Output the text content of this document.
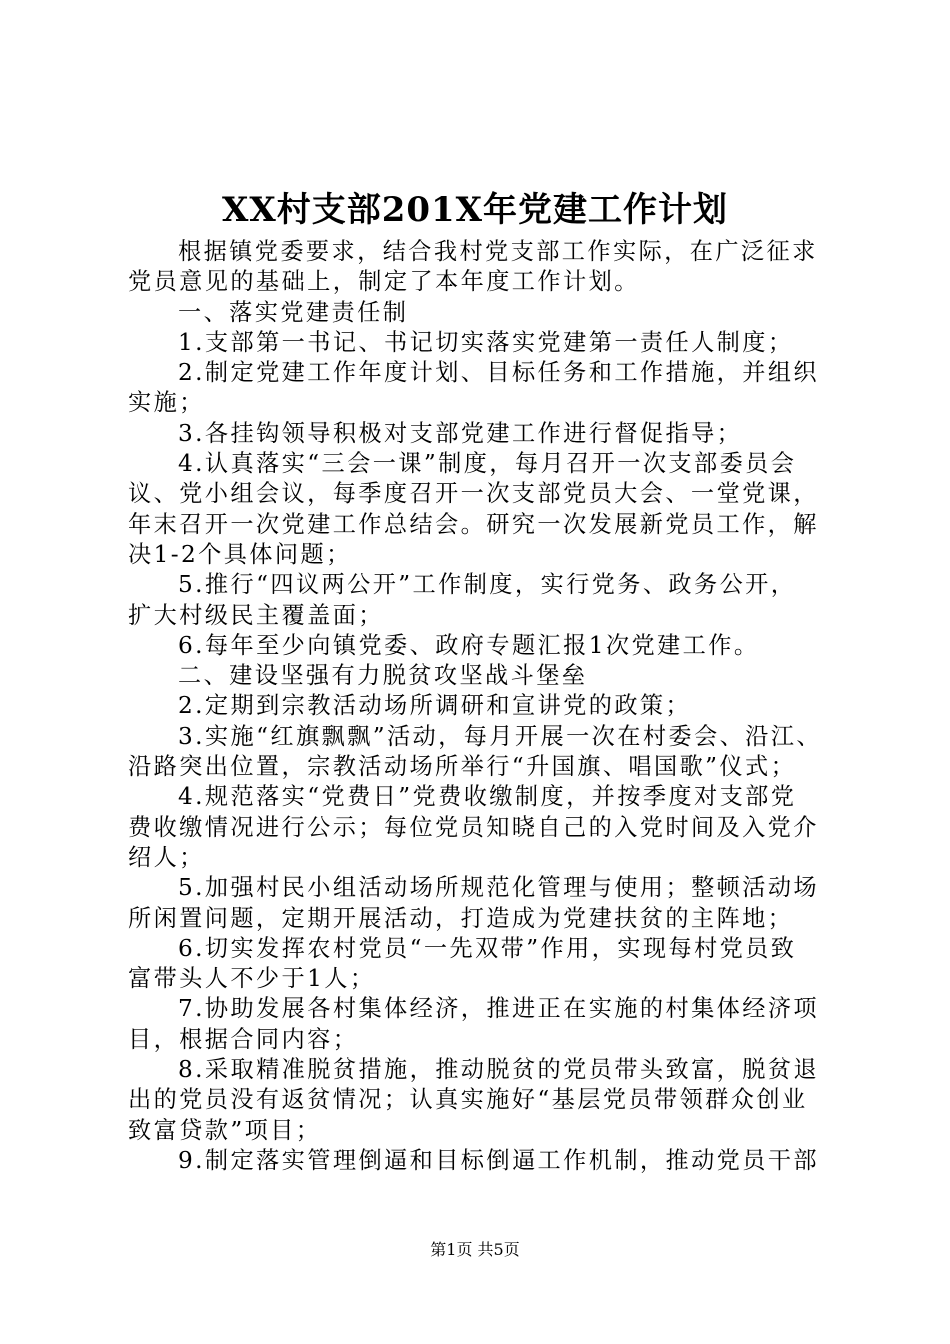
XX村支部201X年党建工作计划
根据镇党委要求，结合我村党支部工作实际，在广泛征求
党员意见的基础上，制定了本年度工作计划。
一、落实党建责任制
1.支部第一书记、书记切实落实党建第一责任人制度；
2.制定党建工作年度计划、目标任务和工作措施，并组织
实施；
3.各挂钩领导积极对支部党建工作进行督促指导；
4.认真落实“三会一课”制度，每月召开一次支部委员会
议、党小组会议，每季度召开一次支部党员大会、一堂党课，
年末召开一次党建工作总结会。研究一次发展新党员工作，解
决1-2个具体问题；
5.推行“四议两公开”工作制度，实行党务、政务公开，
扩大村级民主覆盖面；
6.每年至少向镇党委、政府专题汇报1次党建工作。
二、建设坚强有力脱贫攻坚战斗堡垒
2.定期到宗教活动场所调研和宣讲党的政策；
3.实施“红旗飘飘”活动，每月开展一次在村委会、沿江、
沿路突出位置，宗教活动场所举行“升国旗、唱国歌”仪式；
4.规范落实“党费日”党费收缴制度，并按季度对支部党
费收缴情况进行公示；每位党员知晓自己的入党时间及入党介
绍人；
5.加强村民小组活动场所规范化管理与使用；整顿活动场
所闲置问题，定期开展活动，打造成为党建扶贫的主阵地；
6.切实发挥农村党员“一先双带”作用，实现每村党员致
富带头人不少于1人；
7.协助发展各村集体经济，推进正在实施的村集体经济项
目，根据合同内容；
8.采取精准脱贫措施，推动脱贫的党员带头致富，脱贫退
出的党员没有返贫情况；认真实施好“基层党员带领群众创业
致富贷款”项目；
9.制定落实管理倒逼和目标倒逼工作机制，推动党员干部
第1页 共5页
